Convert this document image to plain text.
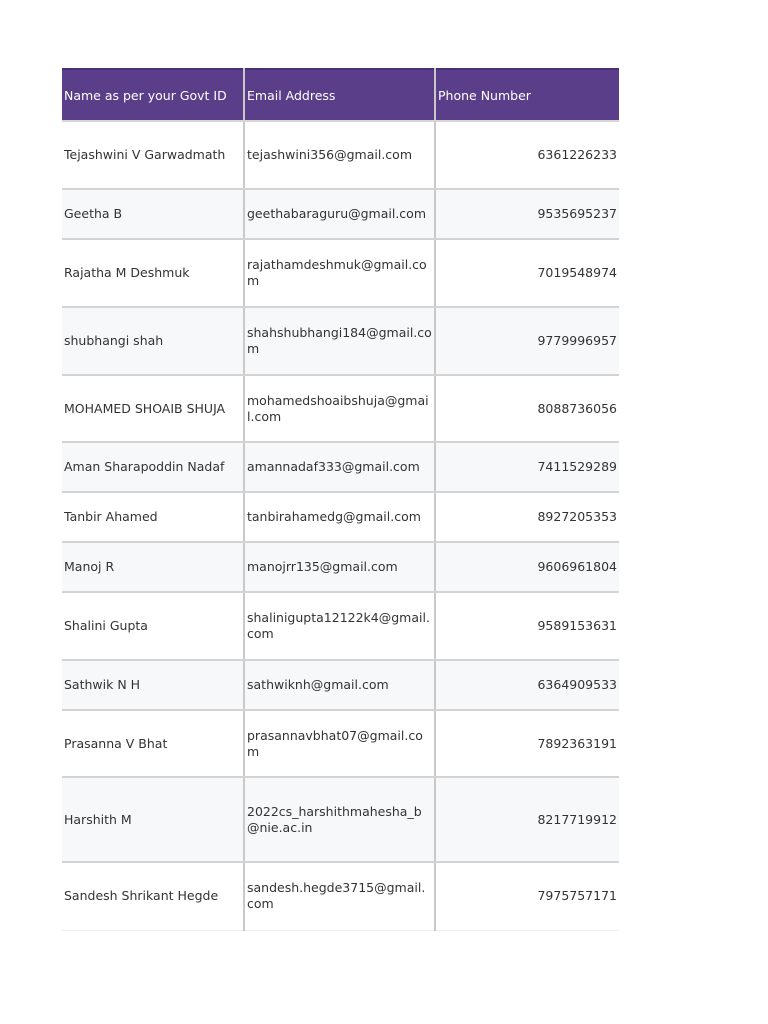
Name as per your Govt ID	Email Address	Phone Number
Tejashwini V Garwadmath	tejashwini356@gmail.com	6361226233
Geetha B	geethabaraguru@gmail.com	9535695237
Rajatha M Deshmuk	rajathamdeshmuk@gmail.com	7019548974
shubhangi shah	shahshubhangi184@gmail.com	9779996957
MOHAMED SHOAIB SHUJA	mohamedshoaibshuja@gmail.com	8088736056
Aman Sharapoddin Nadaf	amannadaf333@gmail.com	7411529289
Tanbir Ahamed	tanbirahamedg@gmail.com	8927205353
Manoj R	manojrr135@gmail.com	9606961804
Shalini Gupta	shalinigupta12122k4@gmail.com	9589153631
Sathwik N H	sathwiknh@gmail.com	6364909533
Prasanna V Bhat	prasannavbhat07@gmail.com	7892363191
Harshith M	2022cs_harshithmahesha_b@nie.ac.in	8217719912
Sandesh Shrikant Hegde	sandesh.hegde3715@gmail.com	7975757171
